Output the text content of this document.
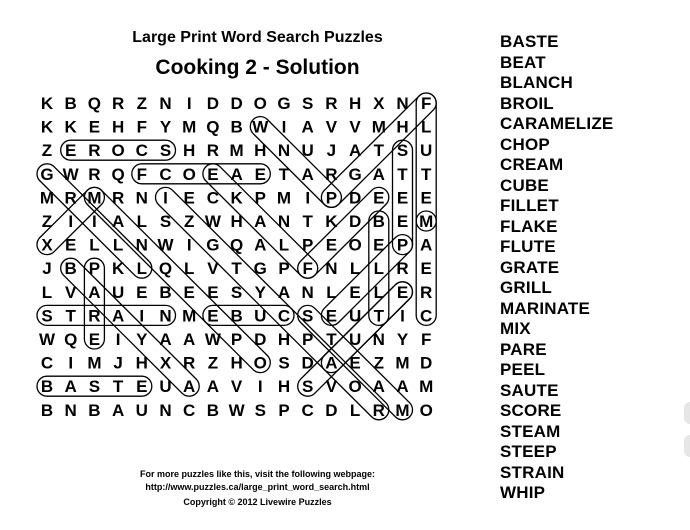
Large Print Word Search Puzzles
Cooking 2 - Solution
K B Q R Z N I D D O G S R H X N F
K K E H F Y M Q B W I A V V M H L
Z E R O C S H R M H N U J A T S U
G W R Q F C O E A E T A R G A T T
M R M R N I E C K P M I P D E E E
Z I I A L S Z W H A N T K D B E M
X E L L N W I G Q A L P E O E P A
J B P K L Q L V T G P F N L L R E
L V A U E B E E S Y A N L E L E R
S T R A I N M E B U C S E U T I C
W Q E I Y A A W P D H P T U N Y F
C I M J H X R Z H O S D A E Z M D
B A S T E U A A V I H S V O A A M
B N B A U N C B W S P C D L R M O
BASTE
BEAT
BLANCH
BROIL
CARAMELIZE
CHOP
CREAM
CUBE
FILLET
FLAKE
FLUTE
GRATE
GRILL
MARINATE
MIX
PARE
PEEL
SAUTE
SCORE
STEAM
STEEP
STRAIN
WHIP
For more puzzles like this, visit the following webpage:
http://www.puzzles.ca/large_print_word_search.html
Copyright © 2012 Livewire Puzzles
